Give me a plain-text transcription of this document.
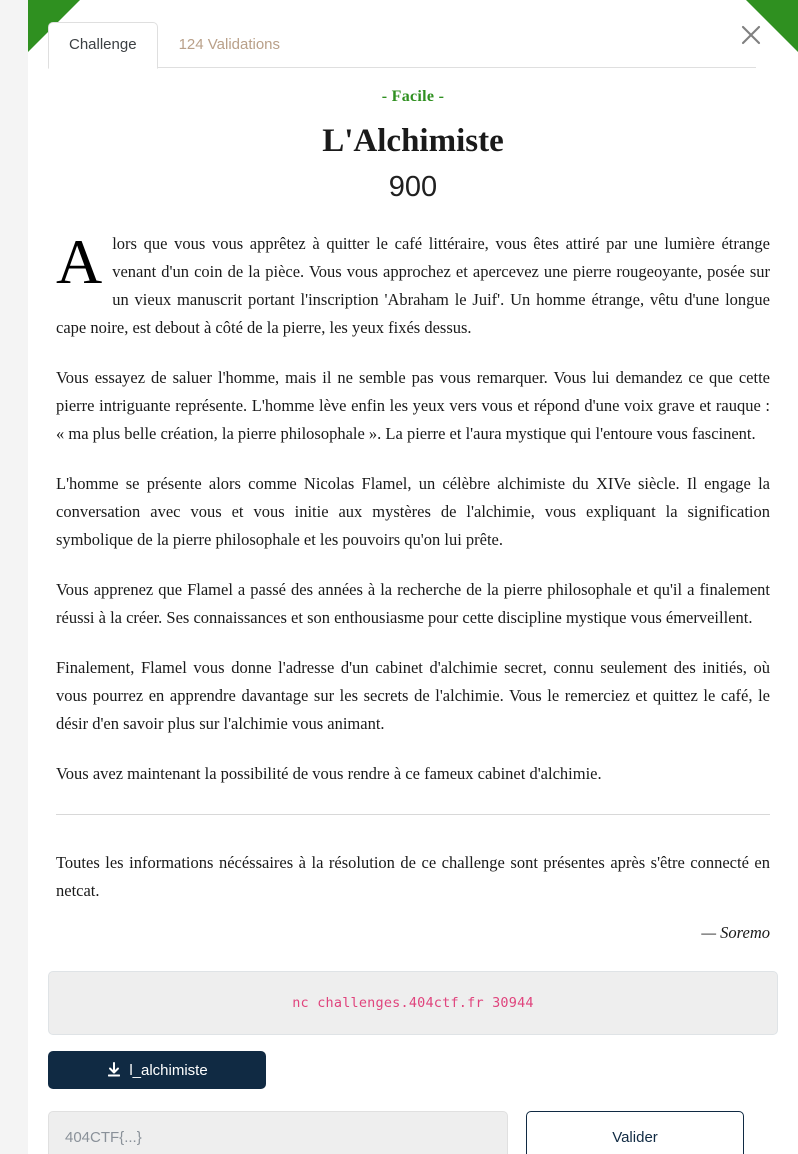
Challenge	124 Validations
- Facile -
L'Alchimiste
900

Alors que vous vous apprêtez à quitter le café littéraire, vous êtes attiré par une lumière étrange venant d'un coin de la pièce. Vous vous approchez et apercevez une pierre rougeoyante, posée sur un vieux manuscrit portant l'inscription 'Abraham le Juif'. Un homme étrange, vêtu d'une longue cape noire, est debout à côté de la pierre, les yeux fixés dessus.

Vous essayez de saluer l'homme, mais il ne semble pas vous remarquer. Vous lui demandez ce que cette pierre intriguante représente. L'homme lève enfin les yeux vers vous et répond d'une voix grave et rauque : « ma plus belle création, la pierre philosophale ». La pierre et l'aura mystique qui l'entoure vous fascinent.

L'homme se présente alors comme Nicolas Flamel, un célèbre alchimiste du XIVe siècle. Il engage la conversation avec vous et vous initie aux mystères de l'alchimie, vous expliquant la signification symbolique de la pierre philosophale et les pouvoirs qu'on lui prête.

Vous apprenez que Flamel a passé des années à la recherche de la pierre philosophale et qu'il a finalement réussi à la créer. Ses connaissances et son enthousiasme pour cette discipline mystique vous émerveillent.

Finalement, Flamel vous donne l'adresse d'un cabinet d'alchimie secret, connu seulement des initiés, où vous pourrez en apprendre davantage sur les secrets de l'alchimie. Vous le remerciez et quittez le café, le désir d'en savoir plus sur l'alchimie vous animant.

Vous avez maintenant la possibilité de vous rendre à ce fameux cabinet d'alchimie.

Toutes les informations nécéssaires à la résolution de ce challenge sont présentes après s'être connecté en netcat.
— Soremo
nc challenges.404ctf.fr 30944
l_alchimiste
404CTF{...}
Valider
